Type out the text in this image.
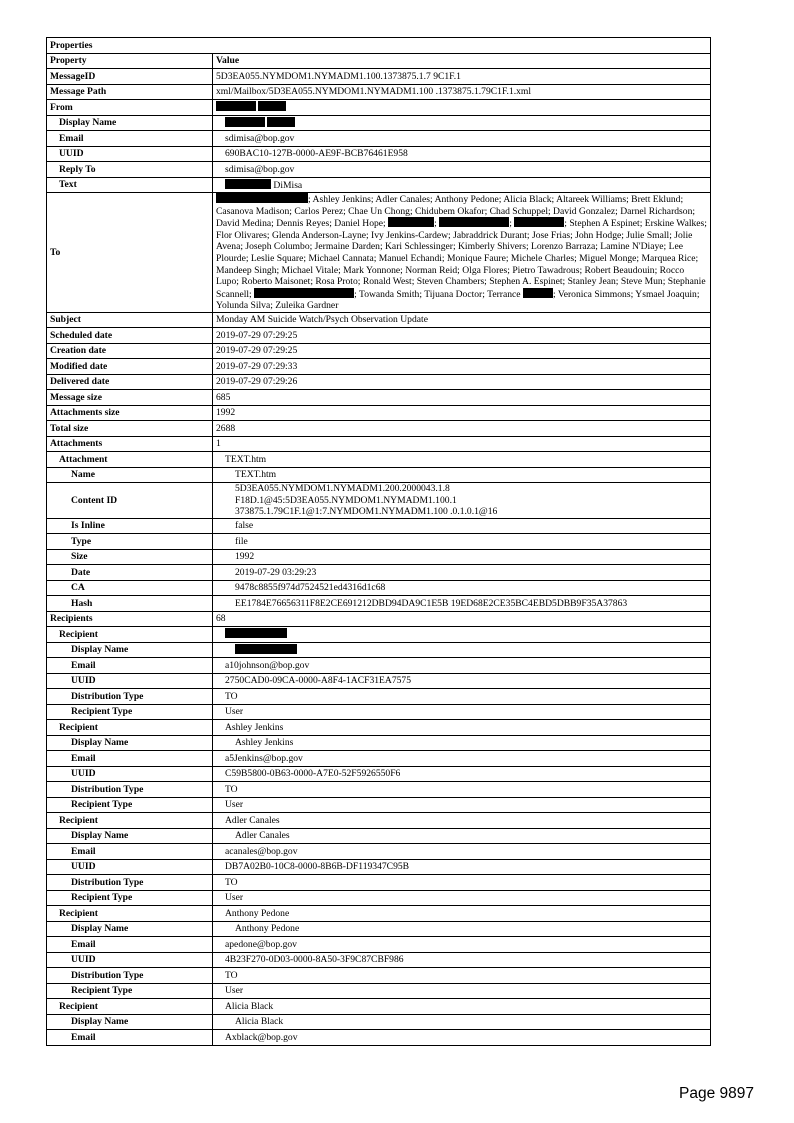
Properties	
Property	Value
MessageID	5D3EA055.NYMDOM1.NYMADM1.100.1373875.1.7 9C1F.1
Message Path	xml/Mailbox/5D3EA055.NYMDOM1.NYMADM1.100 .1373875.1.79C1F.1.xml
From	
Display Name	
Email	sdimisa@bop.gov
UUID	690BAC10-127B-0000-AE9F-BCB76461E958
Reply To	sdimisa@bop.gov
Text	DiMisa
To	; Ashley Jenkins; Adler Canales; Anthony Pedone; Alicia Black; Altareek Williams; Brett Eklund; Casanova Madison; Carlos Perez; Chae Un Chong; Chidubem Okafor; Chad Schuppel; David Gonzalez; Darnel Richardson; David Medina; Dennis Reyes; Daniel Hope; ; ; ; Stephen A Espinet; Erskine Walkes; Flor Olivares; Glenda Anderson-Layne; Ivy Jenkins-Cardew; Jabraddrick Durant; Jose Frias; John Hodge; Julie Small; Jolie Avena; Joseph Columbo; Jermaine Darden; Kari Schlessinger; Kimberly Shivers; Lorenzo Barraza; Lamine N'Diaye; Lee Plourde; Leslie Square; Michael Cannata; Manuel Echandi; Monique Faure; Michele Charles; Miguel Monge; Marquea Rice; Mandeep Singh; Michael Vitale; Mark Yonnone; Norman Reid; Olga Flores; Pietro Tawadrous; Robert Beaudouin; Rocco Lupo; Roberto Maisonet; Rosa Proto; Ronald West; Steven Chambers; Stephen A. Espinet; Stanley Jean; Steve Mun; Stephanie Scannell; ; Towanda Smith; Tijuana Doctor; Terrance ; Veronica Simmons; Ysmael Joaquin; Yolunda Silva; Zuleika Gardner
Subject	Monday AM Suicide Watch/Psych Observation Update
Scheduled date	2019-07-29 07:29:25
Creation date	2019-07-29 07:29:25
Modified date	2019-07-29 07:29:33
Delivered date	2019-07-29 07:29:26
Message size	685
Attachments size	1992
Total size	2688
Attachments	1
Attachment	TEXT.htm
Name	TEXT.htm
Content ID	5D3EA055.NYMDOM1.NYMADM1.200.2000043.1.8
F18D.1@45:5D3EA055.NYMDOM1.NYMADM1.100.1
373875.1.79C1F.1@1:7.NYMDOM1.NYMADM1.100 .0.1.0.1@16

Is Inline	false
Type	file
Size	1992
Date	2019-07-29 03:29:23
CA	9478c8855f974d7524521ed4316d1c68
Hash	EE1784E76656311F8E2CE691212DBD94DA9C1E5B 19ED68E2CE35BC4EBD5DBB9F35A37863
Recipients	68
Recipient	
Display Name	
Email	a10johnson@bop.gov
UUID	2750CAD0-09CA-0000-A8F4-1ACF31EA7575
Distribution Type	TO
Recipient Type	User
Recipient	Ashley Jenkins
Display Name	Ashley Jenkins
Email	a5Jenkins@bop.gov
UUID	C59B5800-0B63-0000-A7E0-52F5926550F6
Distribution Type	TO
Recipient Type	User
Recipient	Adler Canales
Display Name	Adler Canales
Email	acanales@bop.gov
UUID	DB7A02B0-10C8-0000-8B6B-DF119347C95B
Distribution Type	TO
Recipient Type	User
Recipient	Anthony Pedone
Display Name	Anthony Pedone
Email	apedone@bop.gov
UUID	4B23F270-0D03-0000-8A50-3F9C87CBF986
Distribution Type	TO
Recipient Type	User
Recipient	Alicia Black
Display Name	Alicia Black
Email	Axblack@bop.gov
Page 9897
